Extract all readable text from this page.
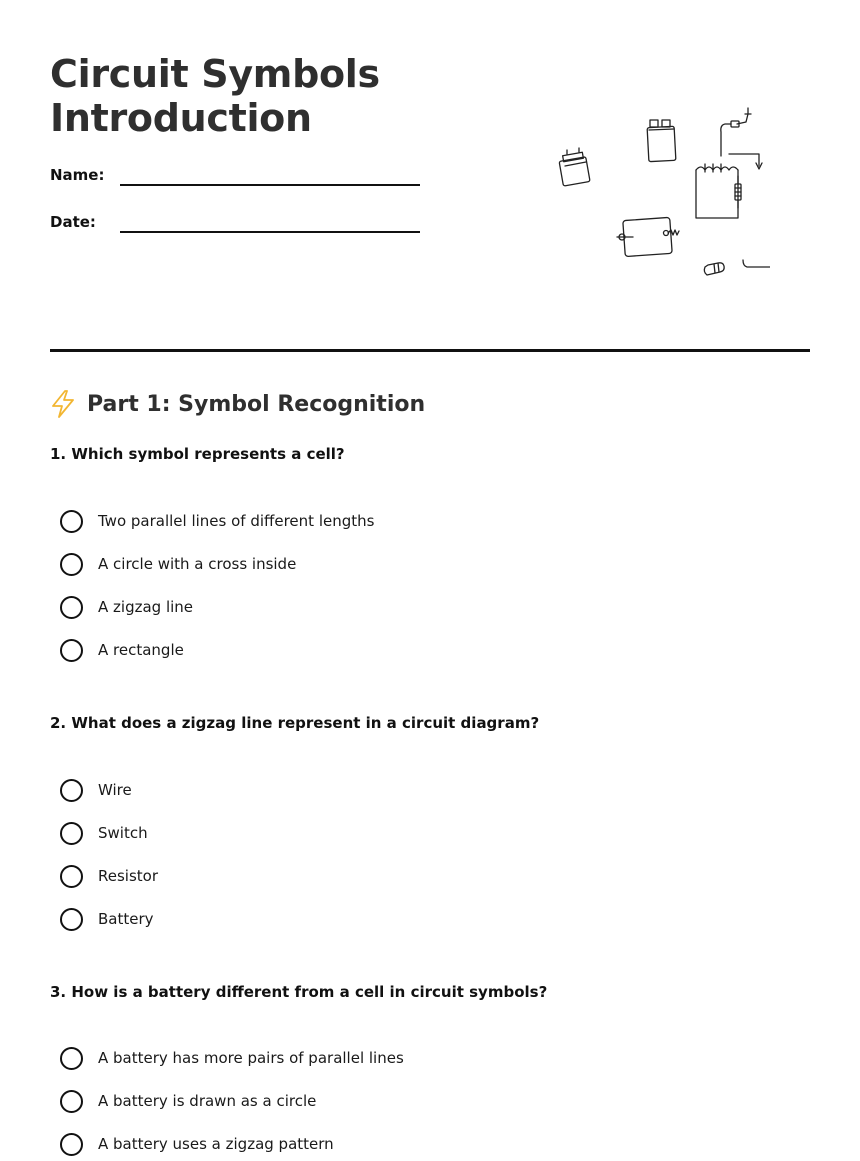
Circuit Symbols
Introduction
Name:
Date:
Part 1: Symbol Recognition

1. Which symbol represents a cell?

Two parallel lines of different lengths
A circle with a cross inside
A zigzag line
A rectangle

2. What does a zigzag line represent in a circuit diagram?

Wire
Switch
Resistor
Battery

3. How is a battery different from a cell in circuit symbols?

A battery has more pairs of parallel lines
A battery is drawn as a circle
A battery uses a zigzag pattern
